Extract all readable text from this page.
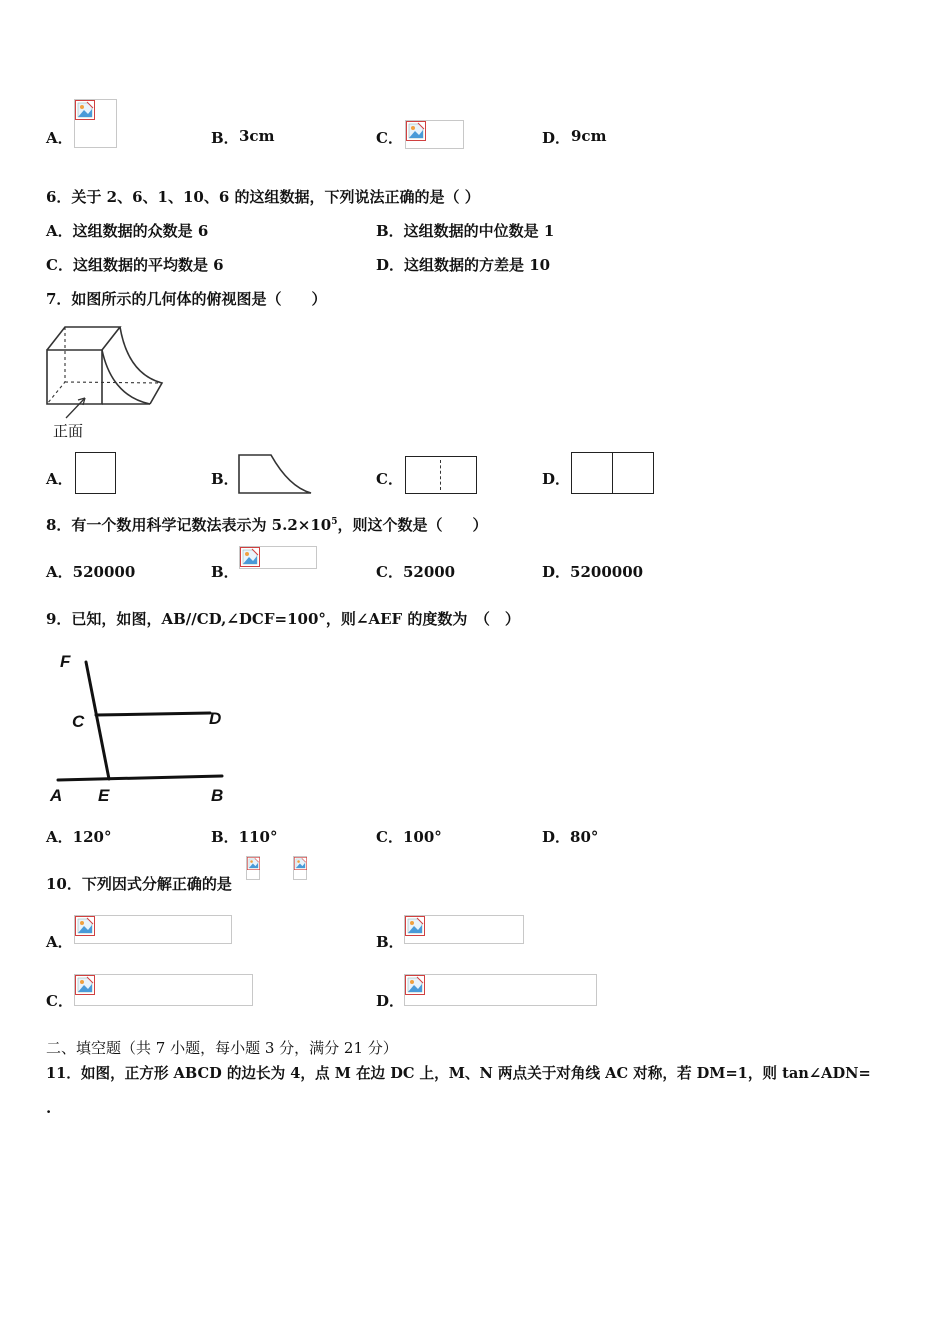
A．	B． 3cm	C．	D． 9cm
6．关于 2、6、1、10、6 的这组数据，下列说法正确的是（ ）
A．这组数据的众数是 6	B．这组数据的中位数是 1
C．这组数据的平均数是 6	D．这组数据的方差是 10
7．如图所示的几何体的俯视图是（　　）
正面
A．	B．	C．	D．
8．有一个数用科学记数法表示为 $5.2\times 10^5$，则这个数是（　　）
A．520000	B．	C．52000	D．5200000
9．已知，如图，AB//CD,∠DCF=100°，则∠AEF 的度数为　（　）
F
C	D
A E	B
A．120°	B．110°	C．100°	D．80°
10．下列因式分解正确的是
A．	B．
C．	D．
二、填空题（共 7 小题，每小题 3 分，满分 21 分）
11．如图，正方形 ABCD 的边长为 4，点 M 在边 DC 上，M、N 两点关于对角线 AC 对称，若 DM=1，则 tan∠ADN=
.
